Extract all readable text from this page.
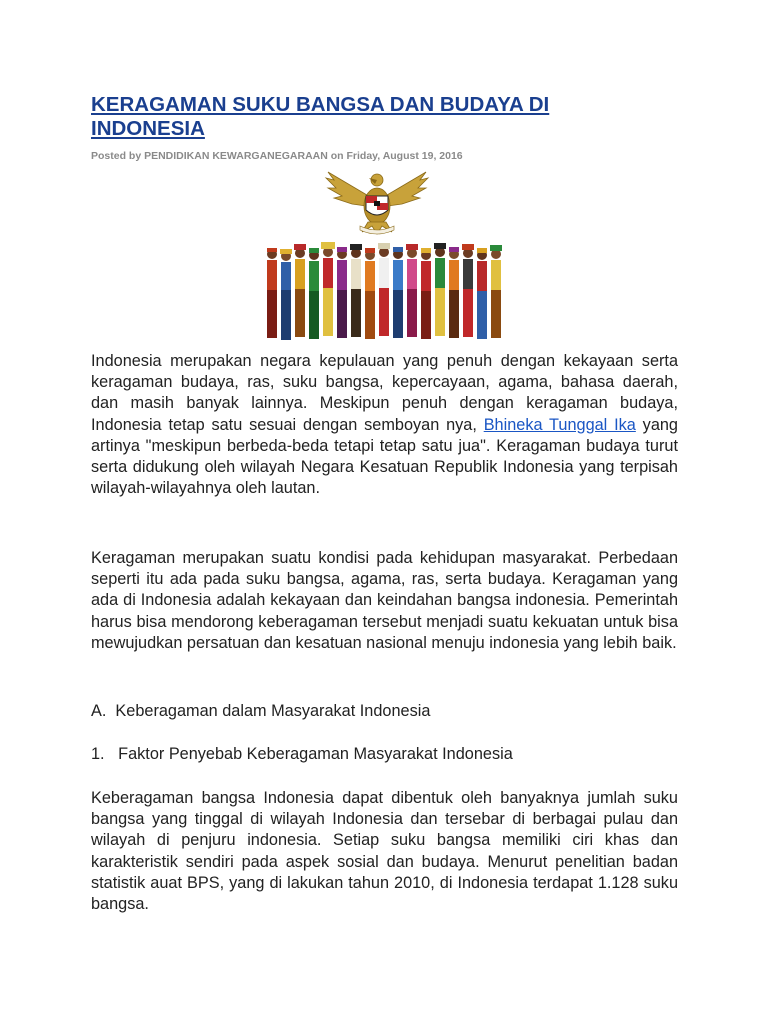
KERAGAMAN SUKU BANGSA DAN BUDAYA DI INDONESIA

Posted by PENDIDIKAN KEWARGANEGARAAN on Friday, August 19, 2016

Indonesia merupakan negara kepulauan yang penuh dengan kekayaan serta keragaman budaya, ras, suku bangsa, kepercayaan, agama, bahasa daerah, dan masih banyak lainnya. Meskipun penuh dengan keragaman budaya, Indonesia tetap satu sesuai dengan semboyan nya, Bhineka Tunggal Ika yang artinya "meskipun berbeda-beda tetapi tetap satu jua". Keragaman budaya turut serta didukung oleh wilayah Negara Kesatuan Republik Indonesia yang terpisah wilayah-wilayahnya oleh lautan.

Keragaman merupakan suatu kondisi pada kehidupan masyarakat. Perbedaan seperti itu ada pada suku bangsa, agama, ras, serta budaya. Keragaman yang ada di Indonesia adalah kekayaan dan keindahan bangsa indonesia. Pemerintah harus bisa mendorong keberagaman tersebut menjadi suatu kekuatan untuk bisa mewujudkan persatuan dan kesatuan nasional menuju indonesia yang lebih baik.

A.  Keberagaman dalam Masyarakat Indonesia

1.   Faktor Penyebab Keberagaman Masyarakat Indonesia

Keberagaman bangsa Indonesia dapat dibentuk oleh banyaknya jumlah suku bangsa yang tinggal di wilayah Indonesia dan tersebar di berbagai pulau dan wilayah di penjuru indonesia. Setiap suku bangsa memiliki ciri khas dan karakteristik sendiri pada aspek sosial dan budaya. Menurut penelitian badan statistik auat BPS, yang di lakukan tahun 2010, di Indonesia terdapat 1.128 suku bangsa.
